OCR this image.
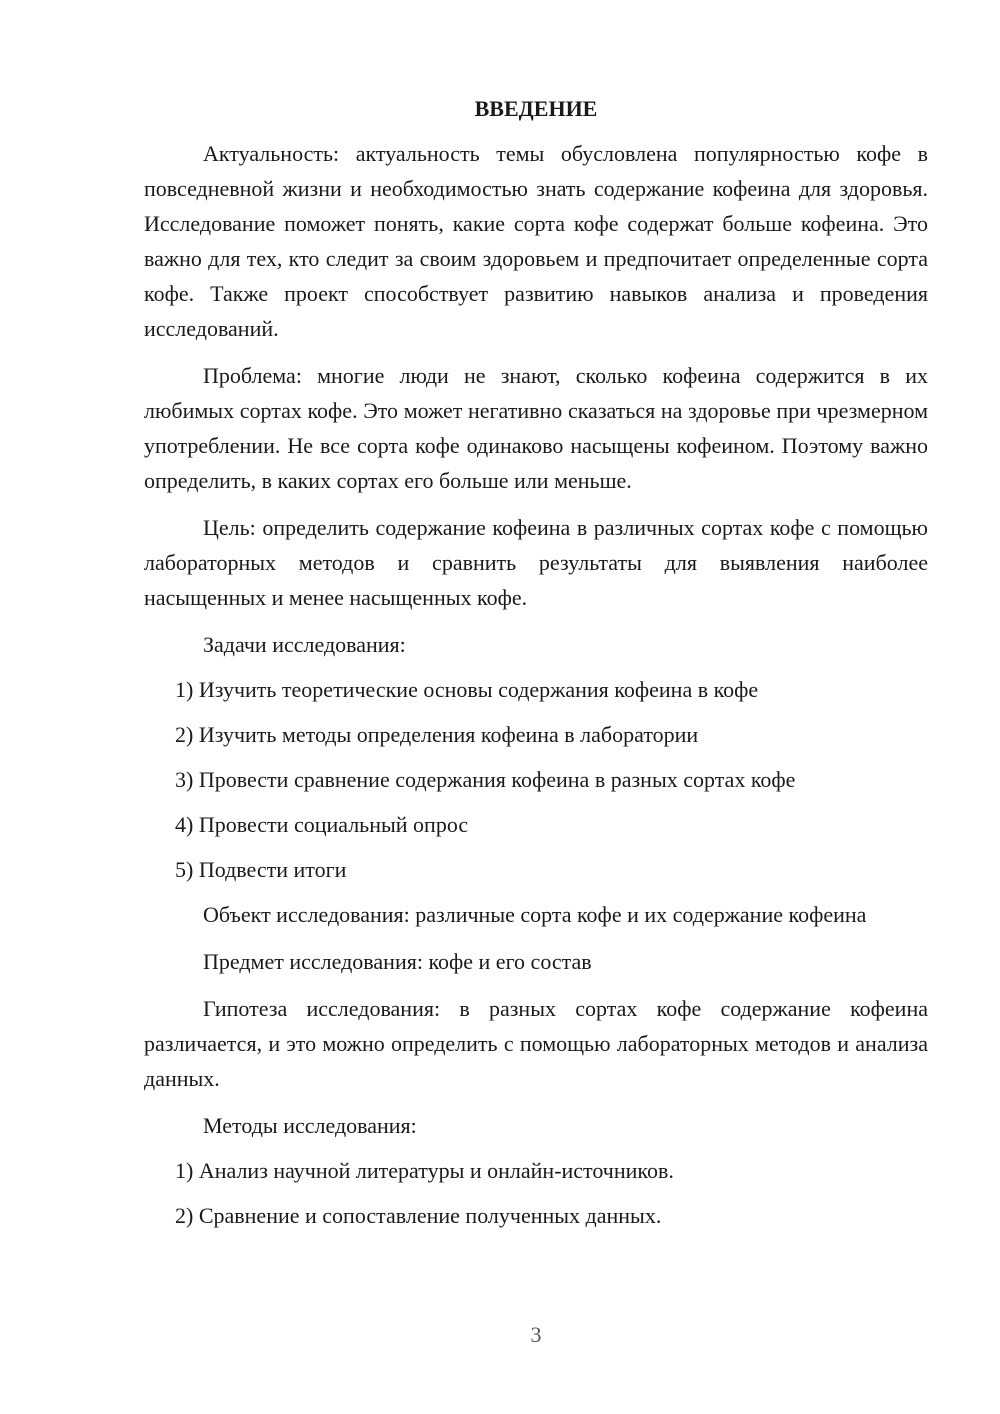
ВВЕДЕНИЕ

Актуальность: актуальность темы обусловлена популярностью кофе в повседневной жизни и необходимостью знать содержание кофеина для здоровья. Исследование поможет понять, какие сорта кофе содержат больше кофеина. Это важно для тех, кто следит за своим здоровьем и предпочитает определенные сорта кофе. Также проект способствует развитию навыков анализа и проведения исследований.

Проблема: многие люди не знают, сколько кофеина содержится в их любимых сортах кофе. Это может негативно сказаться на здоровье при чрезмерном употреблении. Не все сорта кофе одинаково насыщены кофеином. Поэтому важно определить, в каких сортах его больше или меньше.

Цель: определить содержание кофеина в различных сортах кофе с помощью лабораторных методов и сравнить результаты для выявления наиболее насыщенных и менее насыщенных кофе.

Задачи исследования:

1) Изучить теоретические основы содержания кофеина в кофе

2) Изучить методы определения кофеина в лаборатории

3) Провести сравнение содержания кофеина в разных сортах кофе

4) Провести социальный опрос

5) Подвести итоги

Объект исследования: различные сорта кофе и их содержание кофеина

Предмет исследования: кофе и его состав

Гипотеза исследования: в разных сортах кофе содержание кофеина различается, и это можно определить с помощью лабораторных методов и анализа данных.

Методы исследования:

1) Анализ научной литературы и онлайн-источников.

2) Сравнение и сопоставление полученных данных.

3
